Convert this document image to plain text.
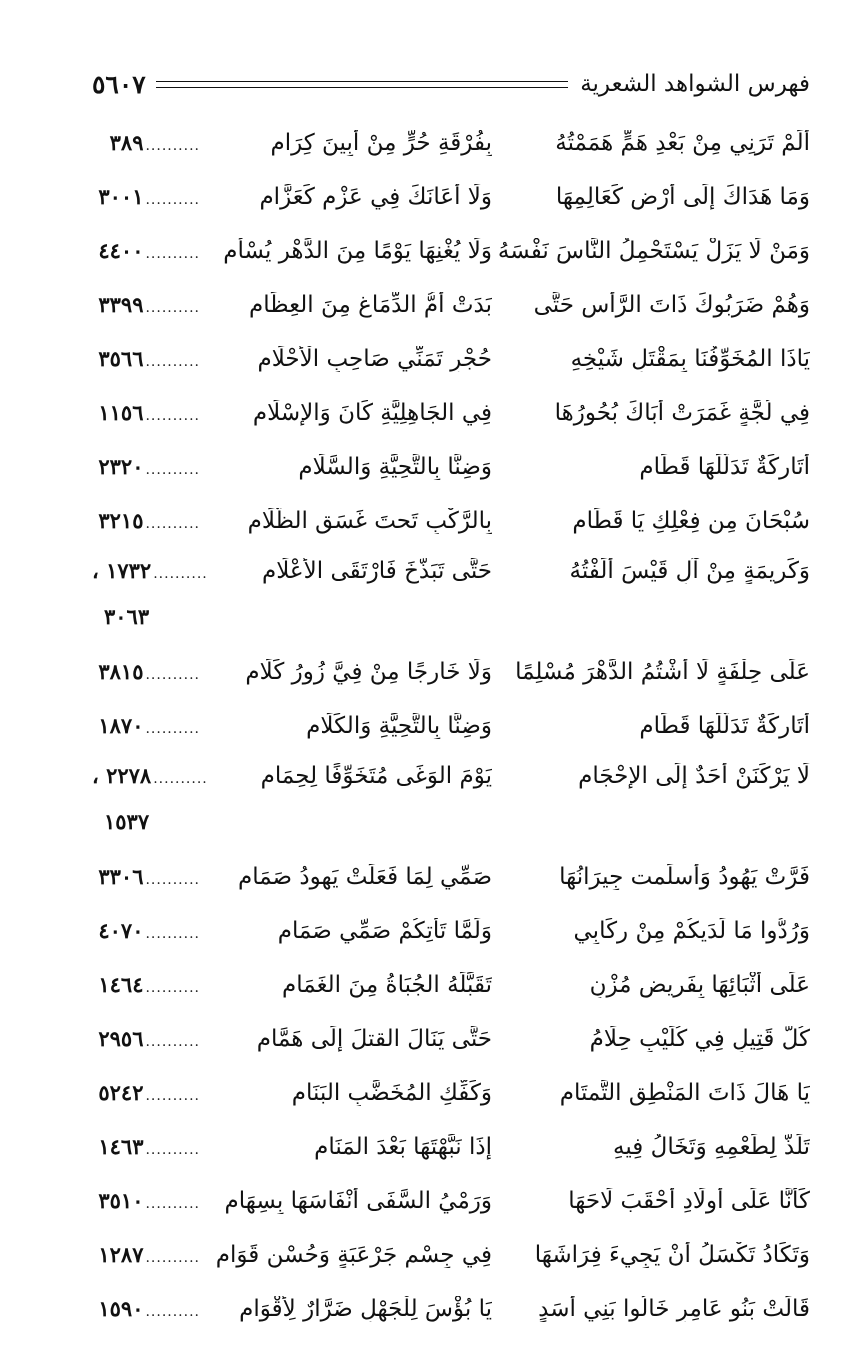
فهرس الشواهد الشعرية
٥٦٠٧
أَلَمْ تَرَنِي مِنْ بَعْدِ هَمٍّ هَمَمْتُهُ
بِفُرْقَةِ حُرٍّ مِنْ أَبِينَ كِرَامِ
..........
٣٨٩
وَمَا هَدَاكَ إِلَى أَرْضٍ كَعَالِمِهَا
وَلَا أَعَانَكَ فِي عَزْمٍ كَعَزَّامِ
..........
٣٠٠١
وَمَنْ لَا يَزَلْ يَسْتَحْمِلُ النَّاسَ نَفْسَهُ
وَلَا يُغْنِهَا يَوْمًا مِنَ الدَّهْرِ يُسْأَمِ
..........
٤٤٠٠
وَهُمْ ضَرَبُوكَ ذَاتَ الرَّأْسِ حَتَّى
بَدَتْ أُمُّ الدِّمَاغِ مِنَ العِظَامِ
..........
٣٣٩٩
يَاذَا المُخَوِّفُنَا بِمَقْتَلِ شَيْخِهِ
حُجْرٍ تَمَنِّي صَاحِبِ الْأَحْلَامِ
..........
٣٥٦٦
فِي لُجَّةٍ غَمَرَتْ أَبَاكَ بُحُورُهَا
فِي الجَاهِلِيَّةِ كَانَ وَالإِسْلَامِ
..........
١١٥٦
أَتَارِكَةٌ تَدَلُّلَهَا قَطَامِ
وَضِنًّا بِالتَّحِيَّةِ وَالسَّلَامِ
..........
٢٣٢٠
سُبْحَانَ مِن فِعْلِكِ يَا قَطَامِ
بِالرَّكْبِ تَحتَ غَسَقِ الظَّلَامِ
..........
٣٢١٥
وَكَرِيمَةٍ مِنْ آلِ قَيْسَ أَلَفْتُهُ
حَتَّى تَبَذَّخَ فَارْتَقَى الأَعْلَامِ
..........
١٧٣٢ ،
٣٠٦٣
عَلَى حِلْفَةٍ لَا أَشْتُمُ الدَّهْرَ مُسْلِمًا
وَلَا خَارِجًا مِنْ فِيَّ زُورُ كَلَامِ
..........
٣٨١٥
أَتَارِكَةٌ تَدَلُّلَهَا قَطَامِ
وَضِنًّا بِالتَّحِيَّةِ وَالكَلَامِ
..........
١٨٧٠
لَا يَرْكَنَنْ أَحَدٌ إِلَى الإِحْجَامِ
يَوْمَ الوَغَى مُتَخَوِّفًا لِحِمَامِ
..........
٢٢٧٨ ،
١٥٣٧
فَرَّتْ يَهُودُ وَأَسلَمت جِيرَانُهَا
صَمِّي لِمَا فَعَلَتْ يَهودُ صَمَامِ
..........
٣٣٠٦
وَرُدُّوا مَا لَدَيكُمْ مِنْ رِكَابِي
وَلَمَّا تَأْتِكُمْ صَمِّي صَمَامِ
..........
٤٠٧٠
عَلَى أَثْبَائِهَا بِفَرِيضِ مُزْنٍ
تَقَبَّلَهُ الجُبَاةُ مِنَ الغَمَامِ
..........
١٤٦٤
كُلُّ قَتِيلٍ فِي كُلَيْبٍ حِلَامُ
حَتَّى يَنَالَ القتلَ إِلَى هَمَّامِ
..........
٢٩٥٦
يَا هَالَ ذَاتَ المَنْطِقِ التَّمتَامِ
وَكَفِّكِ المُخَضَّبِ البَنَامِ
..........
٥٢٤٢
تَلَذُّ لِطَعْمِهِ وَتَخَالُ فِيهِ
إِذَا نَبَّهْتَهَا بَعْدَ المَنَامِ
..........
١٤٦٣
كَأَنَّا عَلَى أَولَادِ أَحْقَبَ لَاحَهَا
وَرَمْيُ السَّفَى أَنْفَاسَهَا بِسِهَامِ
..........
٣٥١٠
وَتَكَادُ تَكْسَلُ أَنْ يَجِيءَ فِرَاشَهَا
فِي جِسْمِ جَرْعَبَةٍ وَحُسْنِ قَوَامِ
..........
١٢٨٧
قَالَتْ بَنُو عَامِرٍ خَالُوا بَنِي أَسَدٍ
يَا بُؤْسَ لِلْجَهْلِ ضَرَّارٌ لِأَقْوَامِ
..........
١٥٩٠
